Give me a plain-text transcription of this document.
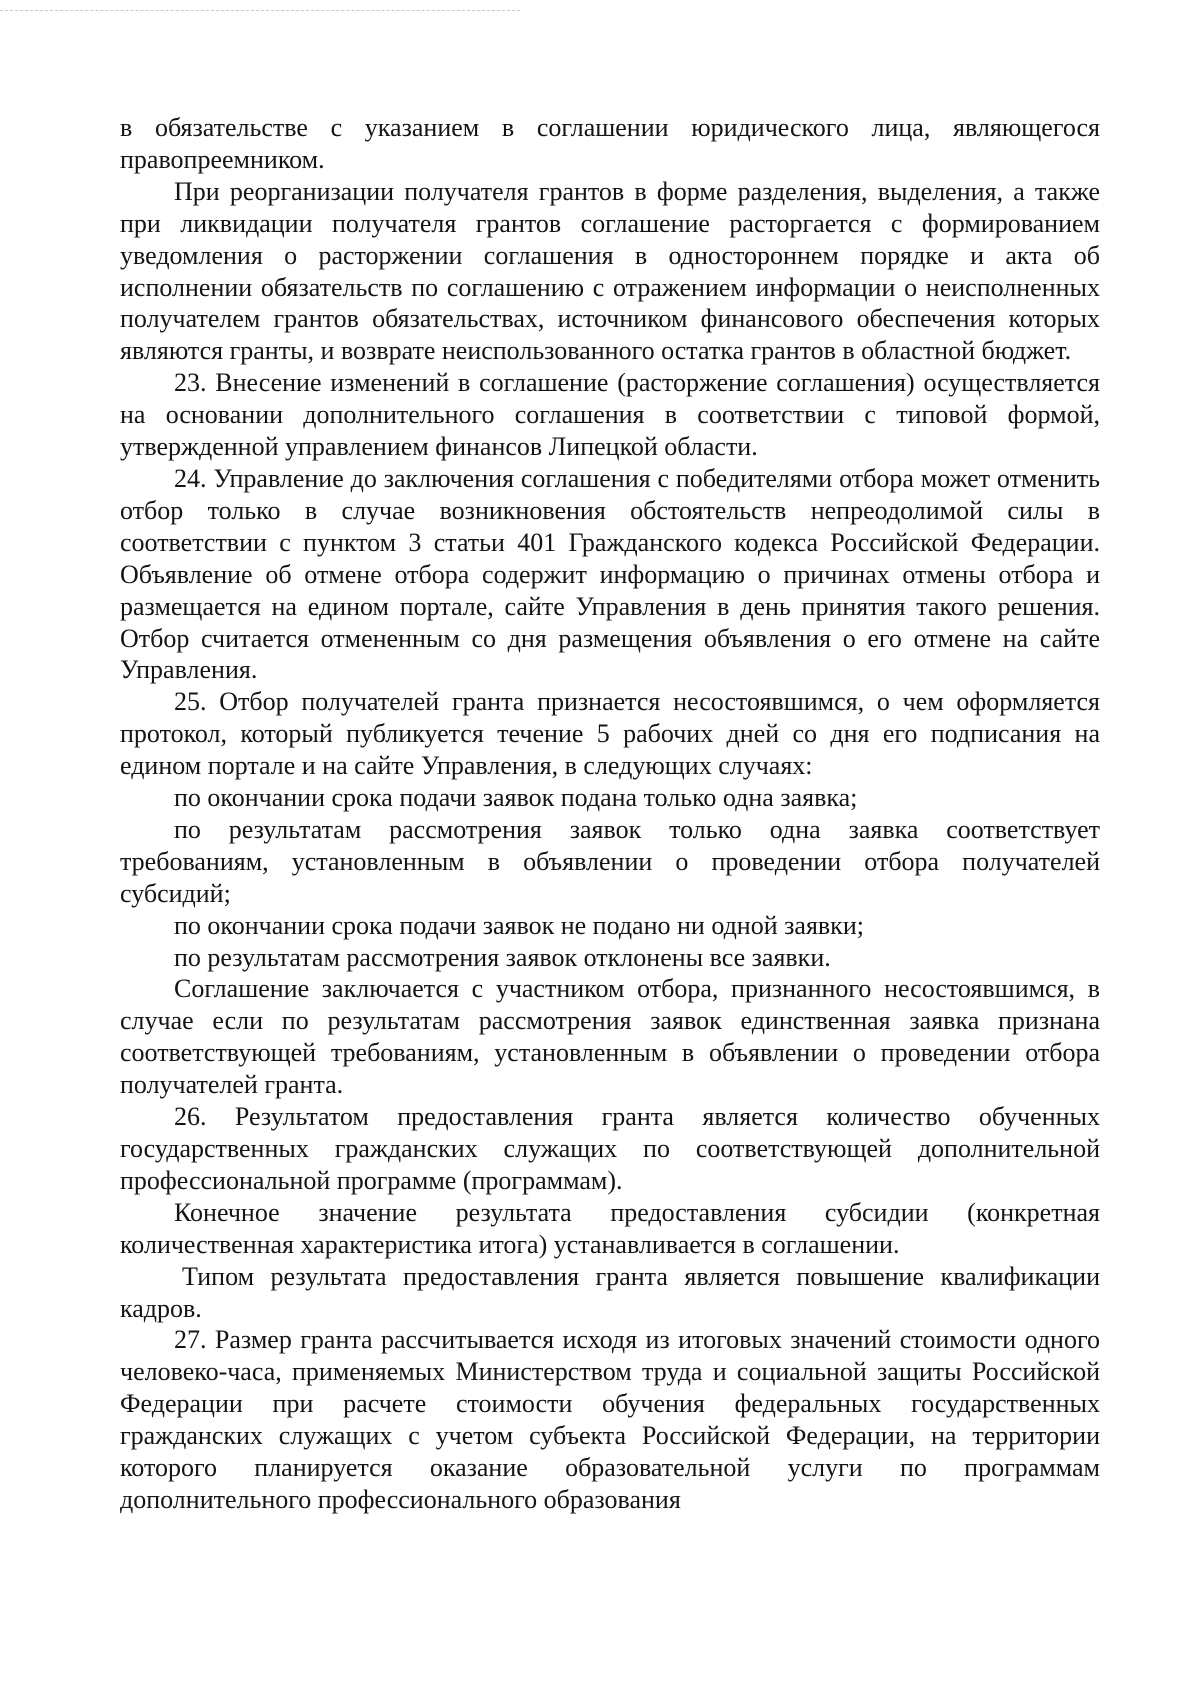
в обязательстве с указанием в соглашении юридического лица, являющегося правопреемником.

При реорганизации получателя грантов в форме разделения, выделения, а также при ликвидации получателя грантов соглашение расторгается с формированием уведомления о расторжении соглашения в одностороннем порядке и акта об исполнении обязательств по соглашению с отражением информации о неисполненных получателем грантов обязательствах, источником финансового обеспечения которых являются гранты, и возврате неиспользованного остатка грантов в областной бюджет.

23. Внесение изменений в соглашение (расторжение соглашения) осуществляется на основании дополнительного соглашения в соответствии с типовой формой, утвержденной управлением финансов Липецкой области.

24. Управление до заключения соглашения с победителями отбора может отменить отбор только в случае возникновения обстоятельств непреодолимой силы в соответствии с пунктом 3 статьи 401 Гражданского кодекса Российской Федерации. Объявление об отмене отбора содержит информацию о причинах отмены отбора и размещается на едином портале, сайте Управления в день принятия такого решения. Отбор считается отмененным со дня размещения объявления о его отмене на сайте Управления.

25. Отбор получателей гранта признается несостоявшимся, о чем оформляется протокол, который публикуется течение 5 рабочих дней со дня его подписания на едином портале и на сайте Управления, в следующих случаях:

по окончании срока подачи заявок подана только одна заявка;

по результатам рассмотрения заявок только одна заявка соответствует требованиям, установленным в объявлении о проведении отбора получателей субсидий;

по окончании срока подачи заявок не подано ни одной заявки;

по результатам рассмотрения заявок отклонены все заявки.

Соглашение заключается с участником отбора, признанного несостоявшимся, в случае если по результатам рассмотрения заявок единственная заявка признана соответствующей требованиям, установленным в объявлении о проведении отбора получателей гранта.

26. Результатом предоставления гранта является количество обученных государственных гражданских служащих по соответствующей дополнительной профессиональной программе (программам).

Конечное значение результата предоставления субсидии (конкретная количественная характеристика итога) устанавливается в соглашении.

Типом результата предоставления гранта является повышение квалификации кадров.

27. Размер гранта рассчитывается исходя из итоговых значений стоимости одного человеко-часа, применяемых Министерством труда и социальной защиты Российской Федерации при расчете стоимости обучения федеральных государственных гражданских служащих с учетом субъекта Российской Федерации, на территории которого планируется оказание образовательной услуги по программам дополнительного профессионального образования
